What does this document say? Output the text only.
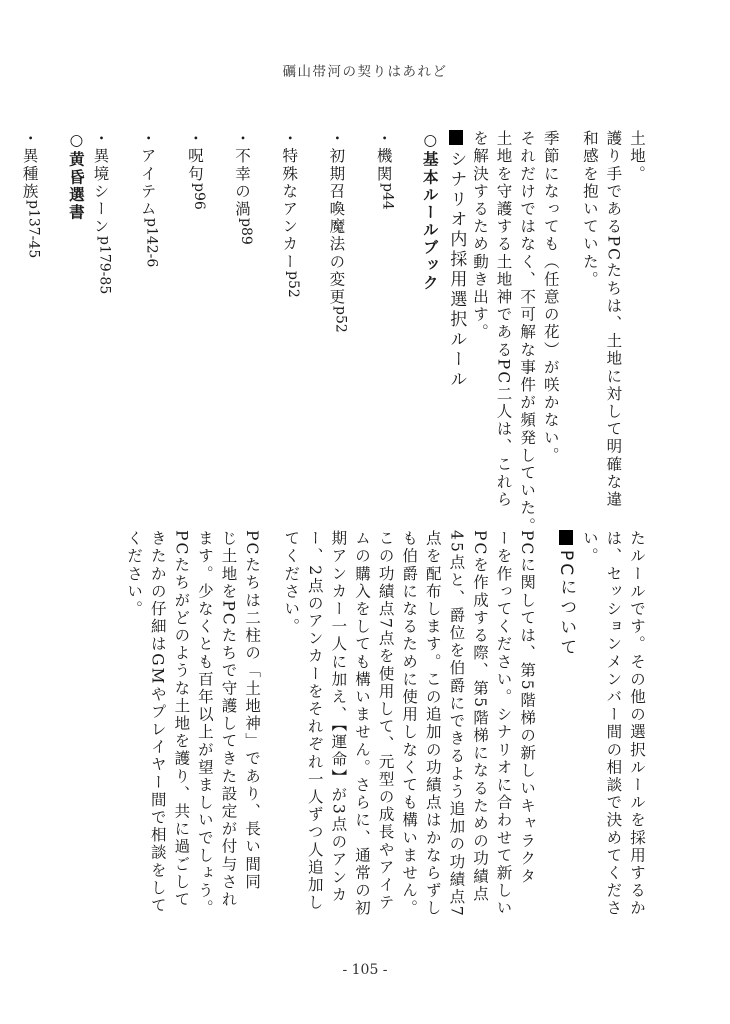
礪山帯河の契りはあれど
土地。
護り手であるPCたちは、土地に対して明確な違
和感を抱いていた。
季節になっても（任意の花）が咲かない。
それだけではなく、不可解な事件が頻発していた。
土地を守護する土地神であるPC二人は、これら
を解決するため動き出す。
シナリオ内採用選択ルール
○基本ルールブック
・機関p44
・初期召喚魔法の変更p52
・特殊なアンカーp52
・不幸の渦p89
・呪句p96
・アイテムp142-6
・異境シーンp179-85
○黄昏選書
・異種族p137-45
たルールです。その他の選択ルールを採用するか
は、セッションメンバー間の相談で決めてくださ
い。
PCについて
PCに関しては、第5階梯の新しいキャラクタ
ーを作ってください。シナリオに合わせて新しい
PCを作成する際、第5階梯になるための功績点
45点と、爵位を伯爵にできるよう追加の功績点7
点を配布します。この追加の功績点はかならずし
も伯爵になるために使用しなくても構いません。
この功績点7点を使用して、元型の成長やアイテ
ムの購入をしても構いません。さらに、通常の初
期アンカー一人に加え、【運命】が3点のアンカ
ー、2点のアンカーをそれぞれ一人ずつ人追加し
てください。
PCたちは二柱の「土地神」であり、長い間同
じ土地をPCたちで守護してきた設定が付与され
ます。少なくとも百年以上が望ましいでしょう。
PCたちがどのような土地を護り、共に過ごして
きたかの仔細はGMやプレイヤー間で相談をして
ください。
- 105 -
